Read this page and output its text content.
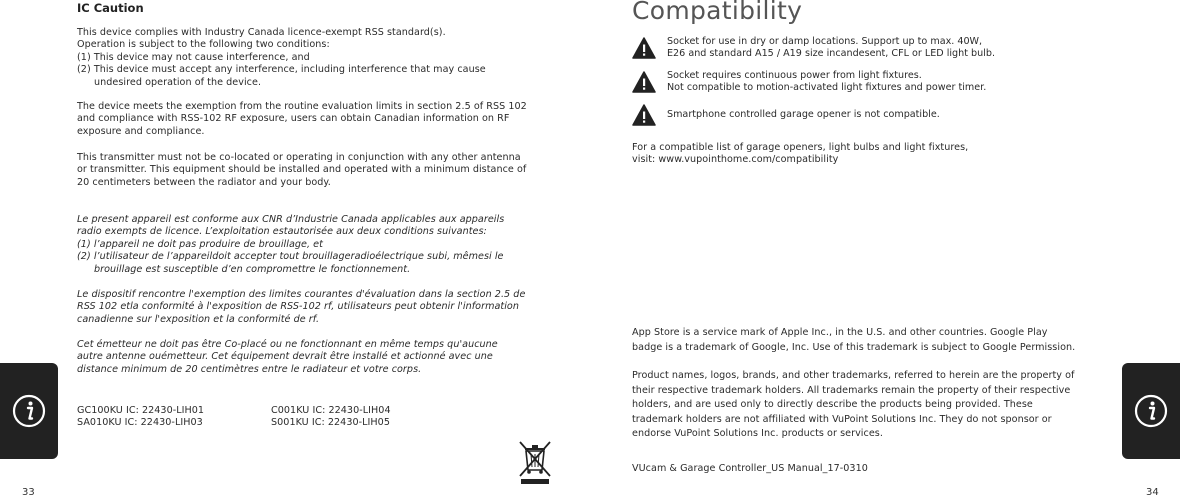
IC Caution
This device complies with Industry Canada licence-exempt RSS standard(s).
Operation is subject to the following two conditions:
(1) This device may not cause interference, and
(2) This device must accept any interference, including interference that may cause
undesired operation of the device.
The device meets the exemption from the routine evaluation limits in section 2.5 of RSS 102
and compliance with RSS-102 RF exposure, users can obtain Canadian information on RF
exposure and compliance.
This transmitter must not be co-located or operating in conjunction with any other antenna
or transmitter. This equipment should be installed and operated with a minimum distance of
20 centimeters between the radiator and your body.
Le present appareil est conforme aux CNR d’Industrie Canada applicables aux appareils
radio exempts de licence. L’exploitation estautorisée aux deux conditions suivantes:
(1) l’appareil ne doit pas produire de brouillage, et
(2) l’utilisateur de l’appareildoit accepter tout brouillageradioélectrique subi, mêmesi le
brouillage est susceptible d’en compromettre le fonctionnement.
Le dispositif rencontre l'exemption des limites courantes d'évaluation dans la section 2.5 de
RSS 102 etla conformité à l'exposition de RSS-102 rf, utilisateurs peut obtenir l'information
canadienne sur l'exposition et la conformité de rf.
Cet émetteur ne doit pas être Co-placé ou ne fonctionnant en même temps qu'aucune
autre antenne ouémetteur. Cet équipement devrait être installé et actionné avec une
distance minimum de 20 centimètres entre le radiateur et votre corps.
GC100KU IC: 22430-LIH01
SA010KU IC: 22430-LIH03
C001KU IC: 22430-LIH04
S001KU IC: 22430-LIH05
33
Compatibility
Socket for use in dry or damp locations. Support up to max. 40W,
E26 and standard A15 / A19 size incandesent, CFL or LED light bulb.
Socket requires continuous power from light fixtures.
Not compatible to motion-activated light fixtures and power timer.
Smartphone controlled garage opener is not compatible.
For a compatible list of garage openers, light bulbs and light fixtures,
visit: www.vupointhome.com/compatibility
App Store is a service mark of Apple Inc., in the U.S. and other countries. Google Play
badge is a trademark of Google, Inc. Use of this trademark is subject to Google Permission.
Product names, logos, brands, and other trademarks, referred to herein are the property of
their respective trademark holders. All trademarks remain the property of their respective
holders, and are used only to directly describe the products being provided. These
trademark holders are not affiliated with VuPoint Solutions Inc. They do not sponsor or
endorse VuPoint Solutions Inc. products or services.
VUcam & Garage Controller_US Manual_17-0310
34
